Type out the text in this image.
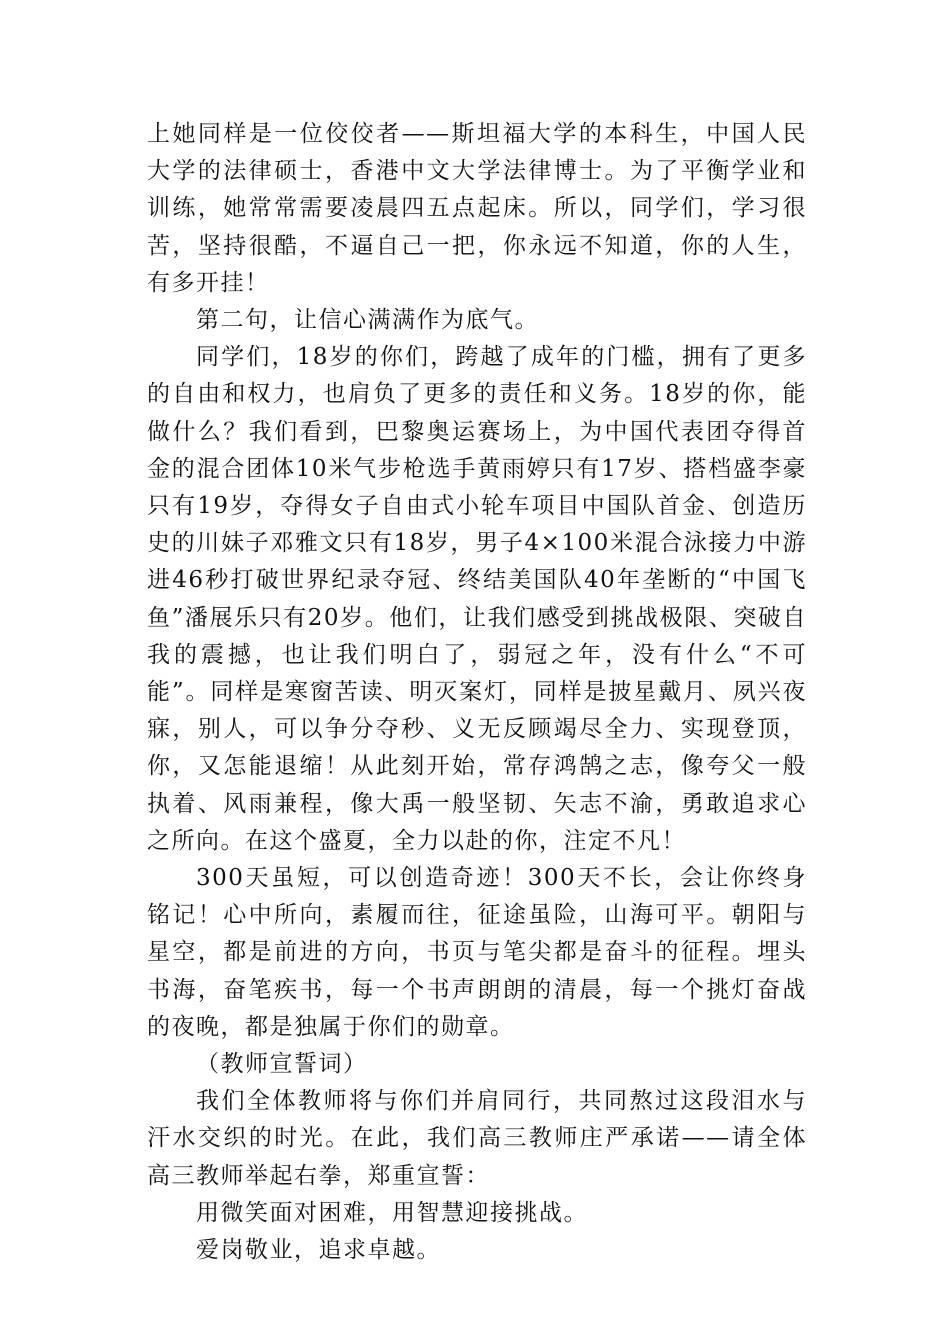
上她同样是一位佼佼者——斯坦福大学的本科生，中国人民大学的法律硕士，香港中文大学法律博士。为了平衡学业和训练，她常常需要凌晨四五点起床。所以，同学们，学习很苦，坚持很酷，不逼自己一把，你永远不知道，你的人生，有多开挂！

第二句，让信心满满作为底气。

同学们，18岁的你们，跨越了成年的门槛，拥有了更多的自由和权力，也肩负了更多的责任和义务。18岁的你，能做什么？我们看到，巴黎奥运赛场上，为中国代表团夺得首金的混合团体10米气步枪选手黄雨婷只有17岁、搭档盛李豪只有19岁，夺得女子自由式小轮车项目中国队首金、创造历史的川妹子邓雅文只有18岁，男子4×100米混合泳接力中游进46秒打破世界纪录夺冠、终结美国队40年垄断的“中国飞鱼”潘展乐只有20岁。他们，让我们感受到挑战极限、突破自我的震撼，也让我们明白了，弱冠之年，没有什么“不可能”。同样是寒窗苦读、明灭案灯，同样是披星戴月、夙兴夜寐，别人，可以争分夺秒、义无反顾竭尽全力、实现登顶，你，又怎能退缩！从此刻开始，常存鸿鹄之志，像夸父一般执着、风雨兼程，像大禹一般坚韧、矢志不渝，勇敢追求心之所向。在这个盛夏，全力以赴的你，注定不凡！

300天虽短，可以创造奇迹！300天不长，会让你终身铭记！心中所向，素履而往，征途虽险，山海可平。朝阳与星空，都是前进的方向，书页与笔尖都是奋斗的征程。埋头书海，奋笔疾书，每一个书声朗朗的清晨，每一个挑灯奋战的夜晚，都是独属于你们的勋章。

（教师宣誓词）

我们全体教师将与你们并肩同行，共同熬过这段泪水与汗水交织的时光。在此，我们高三教师庄严承诺——请全体高三教师举起右拳，郑重宣誓：

用微笑面对困难，用智慧迎接挑战。

爱岗敬业，追求卓越。
